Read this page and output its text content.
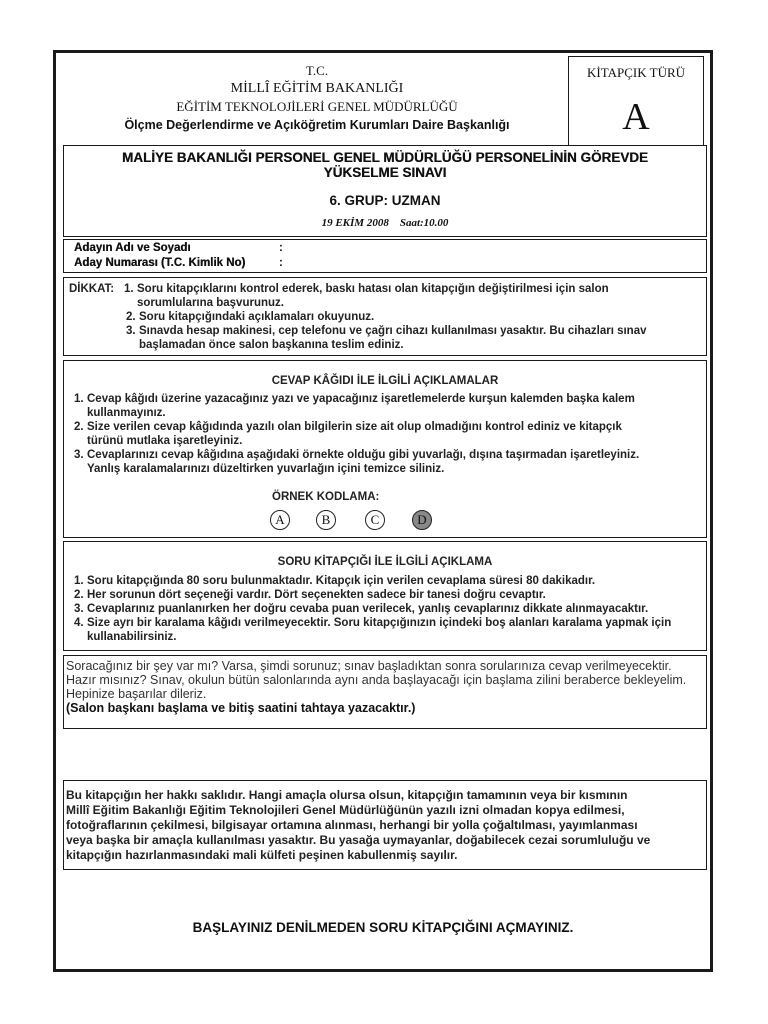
T.C.
MİLLÎ EĞİTİM BAKANLIĞI
EĞİTİM TEKNOLOJİLERİ GENEL MÜDÜRLÜĞÜ
Ölçme Değerlendirme ve Açıköğretim Kurumları Daire Başkanlığı
KİTAPÇIK TÜRÜ
A
MALİYE BAKANLIĞI PERSONEL GENEL MÜDÜRLÜĞÜ PERSONELİNİN GÖREVDE
YÜKSELME SINAVI
6. GRUP: UZMAN
19 EKİM 2008 Saat:10.00
Adayın Adı ve Soyadı	:
Aday Numarası (T.C. Kimlik No)	:
DİKKAT: 1. Soru kitapçıklarını kontrol ederek, baskı hatası olan kitapçığın değiştirilmesi için salon
sorumlularına başvurunuz.
2. Soru kitapçığındaki açıklamaları okuyunuz.
3. Sınavda hesap makinesi, cep telefonu ve çağrı cihazı kullanılması yasaktır. Bu cihazları sınav
başlamadan önce salon başkanına teslim ediniz.
CEVAP KÂĞIDI İLE İLGİLİ AÇIKLAMALAR
1. Cevap kâğıdı üzerine yazacağınız yazı ve yapacağınız işaretlemelerde kurşun kalemden başka kalem
kullanmayınız.
2. Size verilen cevap kâğıdında yazılı olan bilgilerin size ait olup olmadığını kontrol ediniz ve kitapçık
türünü mutlaka işaretleyiniz.
3. Cevaplarınızı cevap kâğıdına aşağıdaki örnekte olduğu gibi yuvarlağı, dışına taşırmadan işaretleyiniz.
Yanlış karalamalarınızı düzeltirken yuvarlağın içini temizce siliniz.
ÖRNEK KODLAMA:
A	B	C	D
SORU KİTAPÇIĞI İLE İLGİLİ AÇIKLAMA
1. Soru kitapçığında 80 soru bulunmaktadır. Kitapçık için verilen cevaplama süresi 80 dakikadır.
2. Her sorunun dört seçeneği vardır. Dört seçenekten sadece bir tanesi doğru cevaptır.
3. Cevaplarınız puanlanırken her doğru cevaba puan verilecek, yanlış cevaplarınız dikkate alınmayacaktır.
4. Size ayrı bir karalama kâğıdı verilmeyecektir. Soru kitapçığınızın içindeki boş alanları karalama yapmak için
kullanabilirsiniz.
Soracağınız bir şey var mı? Varsa, şimdi sorunuz; sınav başladıktan sonra sorularınıza cevap verilmeyecektir.
Hazır mısınız? Sınav, okulun bütün salonlarında aynı anda başlayacağı için başlama zilini beraberce bekleyelim.
Hepinize başarılar dileriz.
(Salon başkanı başlama ve bitiş saatini tahtaya yazacaktır.)
Bu kitapçığın her hakkı saklıdır. Hangi amaçla olursa olsun, kitapçığın tamamının veya bir kısmının
Millî Eğitim Bakanlığı Eğitim Teknolojileri Genel Müdürlüğünün yazılı izni olmadan kopya edilmesi,
fotoğraflarının çekilmesi, bilgisayar ortamına alınması, herhangi bir yolla çoğaltılması, yayımlanması
veya başka bir amaçla kullanılması yasaktır. Bu yasağa uymayanlar, doğabilecek cezai sorumluluğu ve
kitapçığın hazırlanmasındaki mali külfeti peşinen kabullenmiş sayılır.
BAŞLAYINIZ DENİLMEDEN SORU KİTAPÇIĞINI AÇMAYINIZ.
